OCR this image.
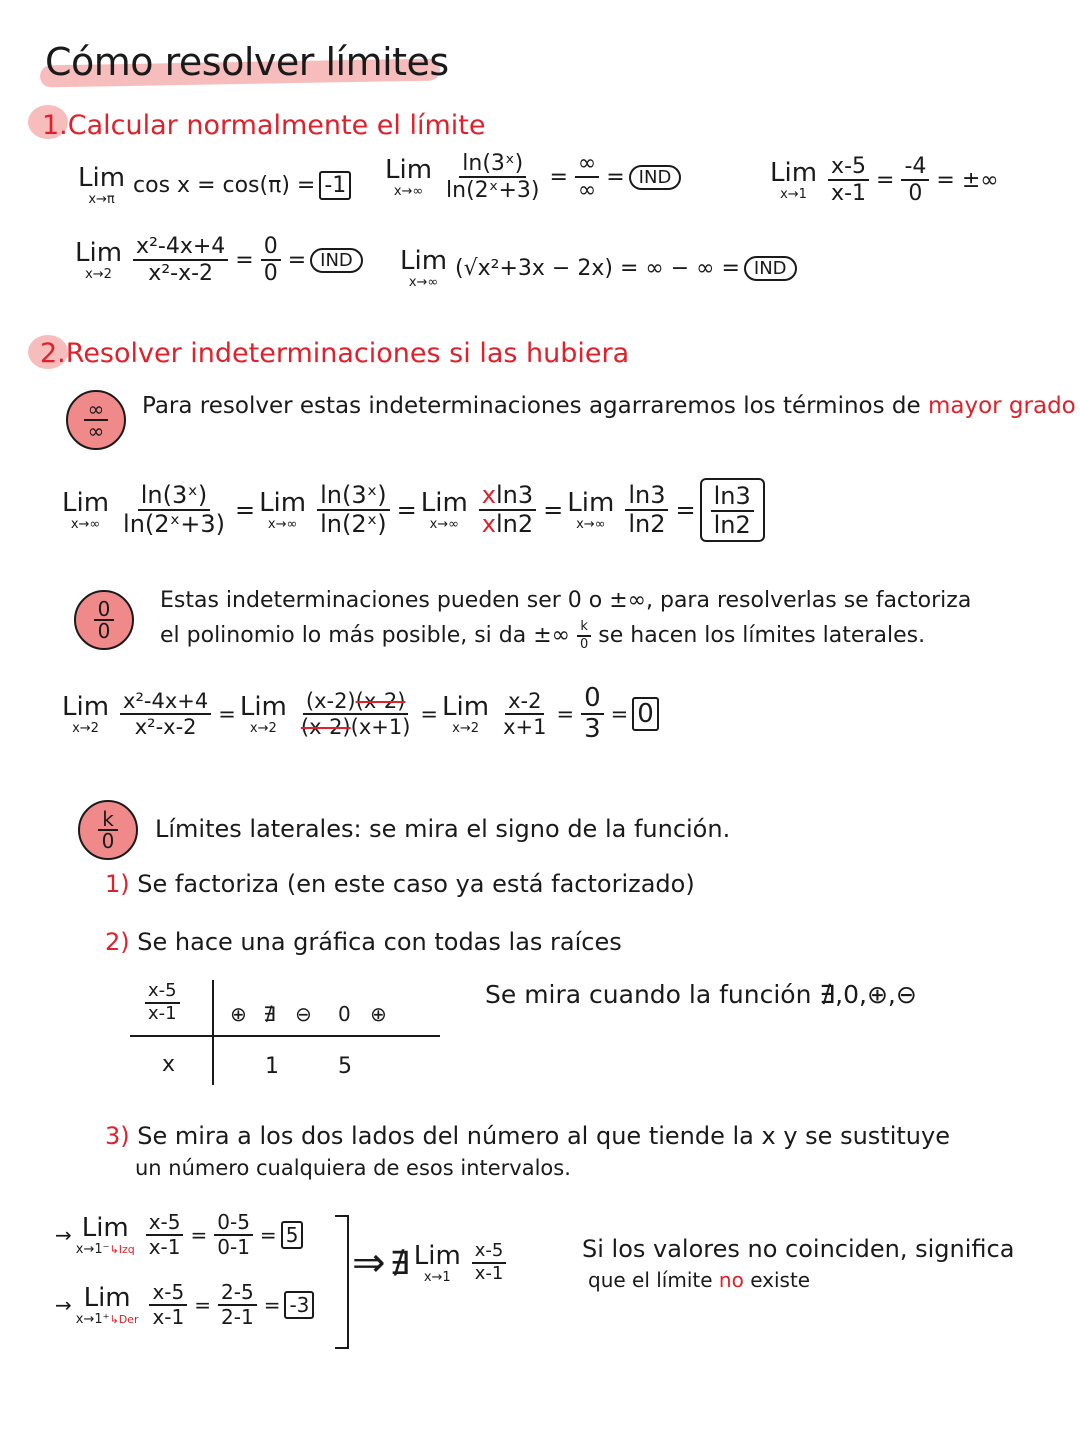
Cómo resolver límites
1.Calcular normalmente el límite
Lim
x→π
cos x = cos(π) = -1
Lim
$x\to\infty \frac{\text{ln(3ˣ)}}{\text{ln(2ˣ+3)}} = \frac{\infty}{\infty}$ = IND	Lim
$x\to 1 \frac{x-5}{x-1} = \frac{-4}{0}$ = ±∞
Lim
$x\to 2 \frac{\text{x²-4x+4}}{\text{x²-x-2}} = \frac{0}{0}$ = IND	Lim
x→∞
(√x²+3x − 2x) = ∞ − ∞ = IND
2.Resolver indeterminaciones si las hubiera
∞
∞
Para resolver estas indeterminaciones agarraremos los términos de mayor grado
Lim
$x\to\infty \frac{\text{ln(3ˣ)}}{\text{ln(2ˣ+3)}}$ = Lim
$x\to\infty \frac{\text{ln(3ˣ)}}{\text{ln(2ˣ)}}$ = Lim
$x\to\infty \frac{xln3}{xln2}$ = Lim
$x\to\infty \frac{\ln 3}{\ln 2} = \frac{\ln 3}{\ln 2}$
$\frac{0}{0}$ Estas indeterminaciones pueden ser 0 o ±∞, para resolverlas se factoriza
el polinomio lo más posible, si da ±∞ $\frac{k}{0}$ se hacen los límites laterales.
Lim
$x\to 2 \frac{\text{x²-4x+4}}{\text{x²-x-2}}$ = Lim
$x\to 2 \frac{(x-2)(x-2)}{(x-2)(x+1)}$ = Lim
$x\to 2 \frac{x-2}{x+1} = \frac{0}{3} = 0$
$\frac{k}{0}$ Límites laterales: se mira el signo de la función.
1) Se factoriza (en este caso ya está factorizado)
2) Se hace una gráfica con todas las raíces
$\frac{x-5}{x-1}$	⊕ ∄ ⊖ 0 ⊕
x	1	5
Se mira cuando la función ∄,0,⊕,⊖
3) Se mira a los dos lados del número al que tiende la x y se sustituye
un número cualquiera de esos intervalos.
→ Lim
x→1⁻↳Izq $\frac{x-5}{x-1} = \frac{0-5}{0-1} = 5$
→ Lim
x→1⁺↳Der $\frac{x-5}{x-1} = \frac{2-5}{2-1} = -3$
⇒ ∄ Lim
$x\to 1 \frac{x-5}{x-1}$	Si los valores no coinciden, significa
que el límite no existe
